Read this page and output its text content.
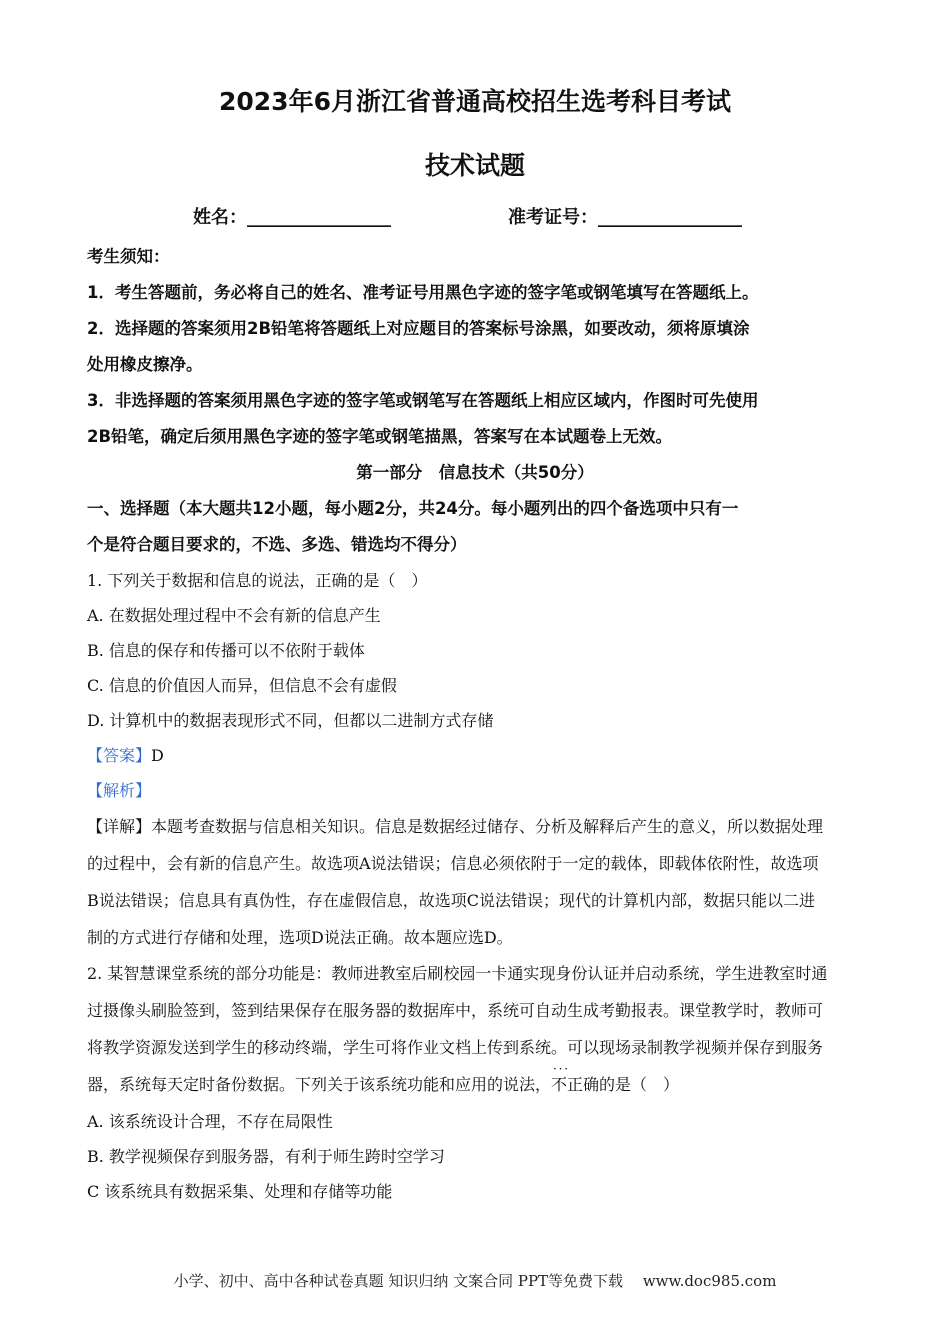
2023年6月浙江省普通高校招生选考科目考试
技术试题
姓名：________________	准考证号：________________
考生须知：
1．考生答题前，务必将自己的姓名、准考证号用黑色字迹的签字笔或钢笔填写在答题纸上。
2．选择题的答案须用2B铅笔将答题纸上对应题目的答案标号涂黑，如要改动，须将原填涂
处用橡皮擦净。
3．非选择题的答案须用黑色字迹的签字笔或钢笔写在答题纸上相应区域内，作图时可先使用
2B铅笔，确定后须用黑色字迹的签字笔或钢笔描黑，答案写在本试题卷上无效。
第一部分　信息技术（共50分）
一、选择题（本大题共12小题，每小题2分，共24分。每小题列出的四个备选项中只有一
个是符合题目要求的，不选、多选、错选均不得分）
1. 下列关于数据和信息的说法，正确的是（　）
A. 在数据处理过程中不会有新的信息产生
B. 信息的保存和传播可以不依附于载体
C. 信息的价值因人而异，但信息不会有虚假
D. 计算机中的数据表现形式不同，但都以二进制方式存储
【答案】D
【解析】
【详解】本题考查数据与信息相关知识。信息是数据经过储存、分析及解释后产生的意义，所以数据处理
的过程中，会有新的信息产生。故选项A说法错误；信息必须依附于一定的载体，即载体依附性，故选项
B说法错误；信息具有真伪性，存在虚假信息，故选项C说法错误；现代的计算机内部，数据只能以二进
制的方式进行存储和处理，选项D说法正确。故本题应选D。
2. 某智慧课堂系统的部分功能是：教师进教室后刷校园一卡通实现身份认证并启动系统，学生进教室时通
过摄像头刷脸签到，签到结果保存在服务器的数据库中，系统可自动生成考勤报表。课堂教学时，教师可
将教学资源发送到学生的移动终端，学生可将作业文档上传到系统。可以现场录制教学视频并保存到服务
器，系统每天定时备份数据。下列关于该系统功能和应用的说法，· · · 不正确的是（　）
A. 该系统设计合理，不存在局限性
B. 教学视频保存到服务器，有利于师生跨时空学习
C 该系统具有数据采集、处理和存储等功能
小学、初中、高中各种试卷真题 知识归纳 文案合同 PPT等免费下载　 www.doc985.com
